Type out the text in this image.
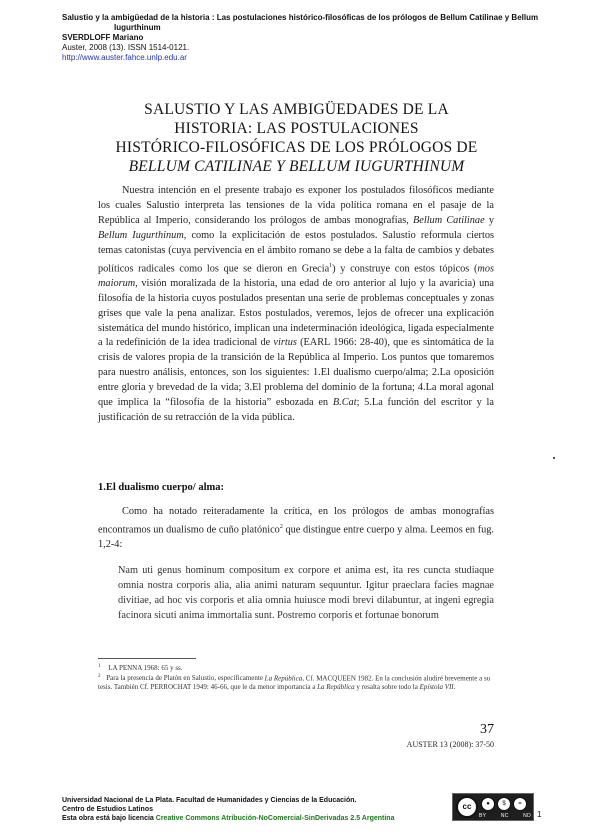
Salustio y la ambigüedad de la historia : Las postulaciones histórico-filosóficas de los prólogos de Bellum Catilinae y Bellum
Iugurthinum
SVERDLOFF Mariano
Auster, 2008 (13). ISSN 1514-0121.
http://www.auster.fahce.unlp.edu.ar
SALUSTIO Y LAS AMBIGÜEDADES DE LA
HISTORIA: LAS POSTULACIONES
HISTÓRICO-FILOSÓFICAS DE LOS PRÓLOGOS DE
BELLUM CATILINAE Y BELLUM IUGURTHINUM
Nuestra intención en el presente trabajo es exponer los postulados filosóficos mediante los cuales Salustio interpreta las tensiones de la vida política romana en el pasaje de la República al Imperio, considerando los prólogos de ambas monografías, Bellum Catilinae y Bellum Iugurthinum, como la explicitación de estos postulados. Salustio reformula ciertos temas catonistas (cuya pervivencia en el ámbito romano se debe a la falta de cambios y debates políticos radicales como los que se dieron en Grecia$^1$) y construye con estos tópicos (mos maiorum, visión moralizada de la historia, una edad de oro anterior al lujo y la avaricia) una filosofía de la historia cuyos postulados presentan una serie de problemas conceptuales y zonas grises que vale la pena analizar. Estos postulados, veremos, lejos de ofrecer una explicación sistemática del mundo histórico, implican una indeterminación ideológica, ligada especialmente a la redefinición de la idea tradicional de virtus (EARL 1966: 28-40), que es sintomática de la crisis de valores propia de la transición de la República al Imperio. Los puntos que tomaremos para nuestro análisis, entonces, son los siguientes: 1.El dualismo cuerpo/alma; 2.La oposición entre gloria y brevedad de la vida; 3.El problema del dominio de la fortuna; 4.La moral agonal que implica la “filosofía de la historia” esbozada en B.Cat; 5.La función del escritor y la justificación de su retracción de la vida pública.
1.El dualismo cuerpo/ alma:
Como ha notado reiteradamente la crítica, en los prólogos de ambas monografías encontramos un dualismo de cuño platónico$^2$ que distingue entre cuerpo y alma. Leemos en fug. 1,2-4:
Nam uti genus hominum compositum ex corpore et anima est, ita res cuncta studiaque omnia nostra corporis alia, alia animi naturam sequuntur. Igitur praeclara facies magnae divitiae, ad hoc vis corporis et alia omnia huiusce modi brevi dilabuntur, at ingeni egregia facinora sicuti anima immortalia sunt. Postremo corporis et fortunae bonorum
$^1$ LA PENNA 1968: 65 y ss.
$^2$ Para la presencia de Platón en Salustio, específicamente La República, Cf. MACQUEEN 1982. En la conclusión aludiré brevemente a su tesis. También Cf. PERROCHAT 1949: 46-66, que le da menor importancia a La República y resalta sobre todo la Epístola VII.
37
AUSTER 13 (2008): 37-50
Universidad Nacional de La Plata. Facultad de Humanidades y Ciencias de la Educación.
Centro de Estudios Latinos
Esta obra está bajo licencia Creative Commons Atribución-NoComercial-SinDerivadas 2.5 Argentina
cc	●	$	=
BY	NC	ND 1
